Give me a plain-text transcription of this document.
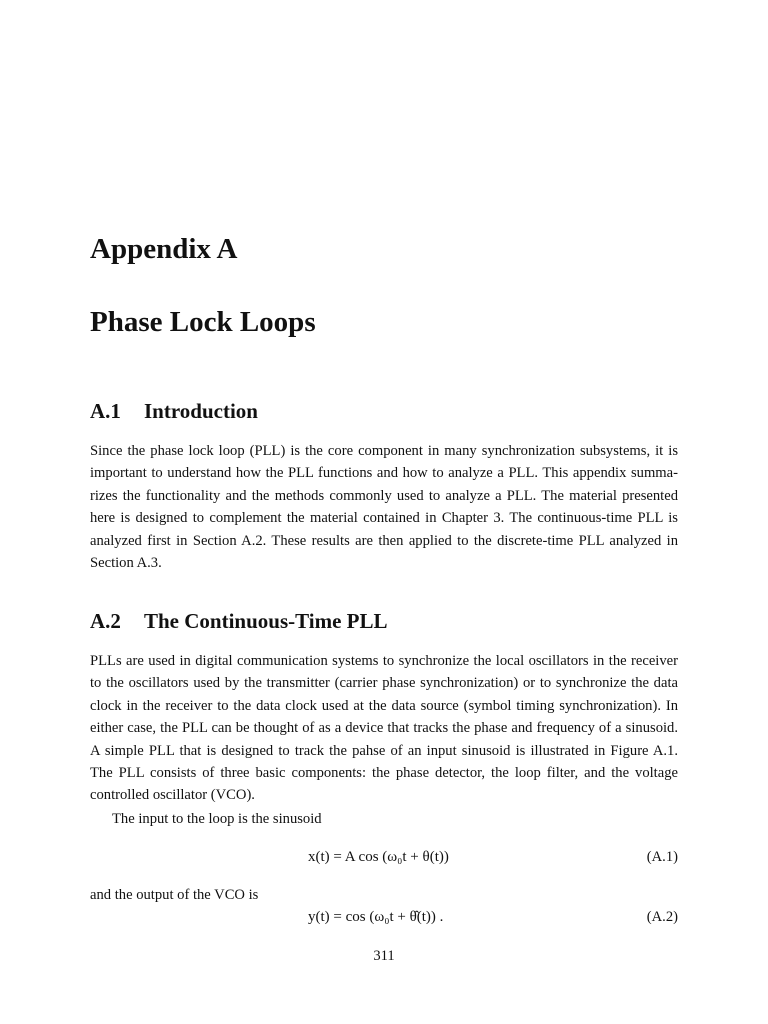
Appendix A
Phase Lock Loops
A.1 Introduction
Since the phase lock loop (PLL) is the core component in many synchronization subsystems, it is
important to understand how the PLL functions and how to analyze a PLL. This appendix summa-
rizes the functionality and the methods commonly used to analyze a PLL. The material presented
here is designed to complement the material contained in Chapter 3. The continuous-time PLL is
analyzed first in Section A.2. These results are then applied to the discrete-time PLL analyzed in
Section A.3.
A.2 The Continuous-Time PLL
PLLs are used in digital communication systems to synchronize the local oscillators in the receiver
to the oscillators used by the transmitter (carrier phase synchronization) or to synchronize the data
clock in the receiver to the data clock used at the data source (symbol timing synchronization). In
either case, the PLL can be thought of as a device that tracks the phase and frequency of a sinusoid.
A simple PLL that is designed to track the pahse of an input sinusoid is illustrated in Figure A.1.
The PLL consists of three basic components: the phase detector, the loop filter, and the voltage
controlled oscillator (VCO).

The input to the loop is the sinusoid

x(t) = A cos (ω₀t + θ(t))	(A.1)

and the output of the VCO is

y(t) = cos (ω₀t + θ̂(t)) .	(A.2)
311
